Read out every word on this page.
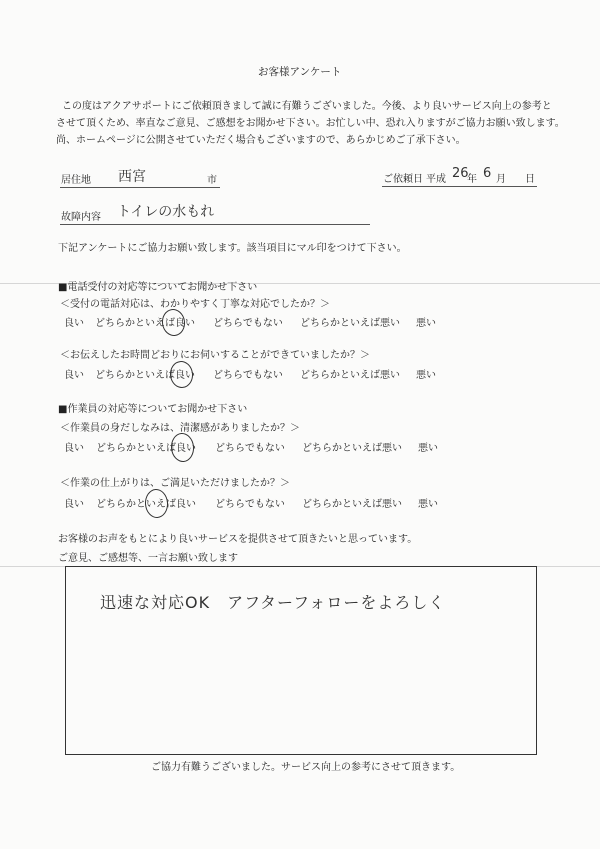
お客様アンケート
この度はアクアサポートにご依頼頂きまして誠に有難うございました。今後、より良いサービス向上の参考と
させて頂くため、率直なご意見、ご感想をお聞かせ下さい。お忙しい中、恐れ入りますがご協力お願い致します。
尚、ホームページに公開させていただく場合もございますので、あらかじめご了承下さい。
居住地 西宮	市	ご依頼日 平成 26
年 6 月 日
故障内容 トイレの水もれ
下記アンケートにご協力お願い致します。該当項目にマル印をつけて下さい。
■電話受付の対応等についてお聞かせ下さい
＜受付の電話対応は、わかりやすく丁寧な対応でしたか？＞
良い どちらかといえば良い どちらでもない どちらかといえば悪い 悪い
＜お伝えしたお時間どおりにお伺いすることができていましたか？＞
良い どちらかといえば良い どちらでもない どちらかといえば悪い 悪い
■作業員の対応等についてお聞かせ下さい
＜作業員の身だしなみは、清潔感がありましたか？＞
良い どちらかといえば良い どちらでもない どちらかといえば悪い 悪い
＜作業の仕上がりは、ご満足いただけましたか？＞
良い どちらかといえば良い どちらでもない どちらかといえば悪い 悪い
お客様のお声をもとにより良いサービスを提供させて頂きたいと思っています。
ご意見、ご感想等、一言お願い致します
迅速な対応OK　アフターフォローをよろしく
ご協力有難うございました。サービス向上の参考にさせて頂きます。
